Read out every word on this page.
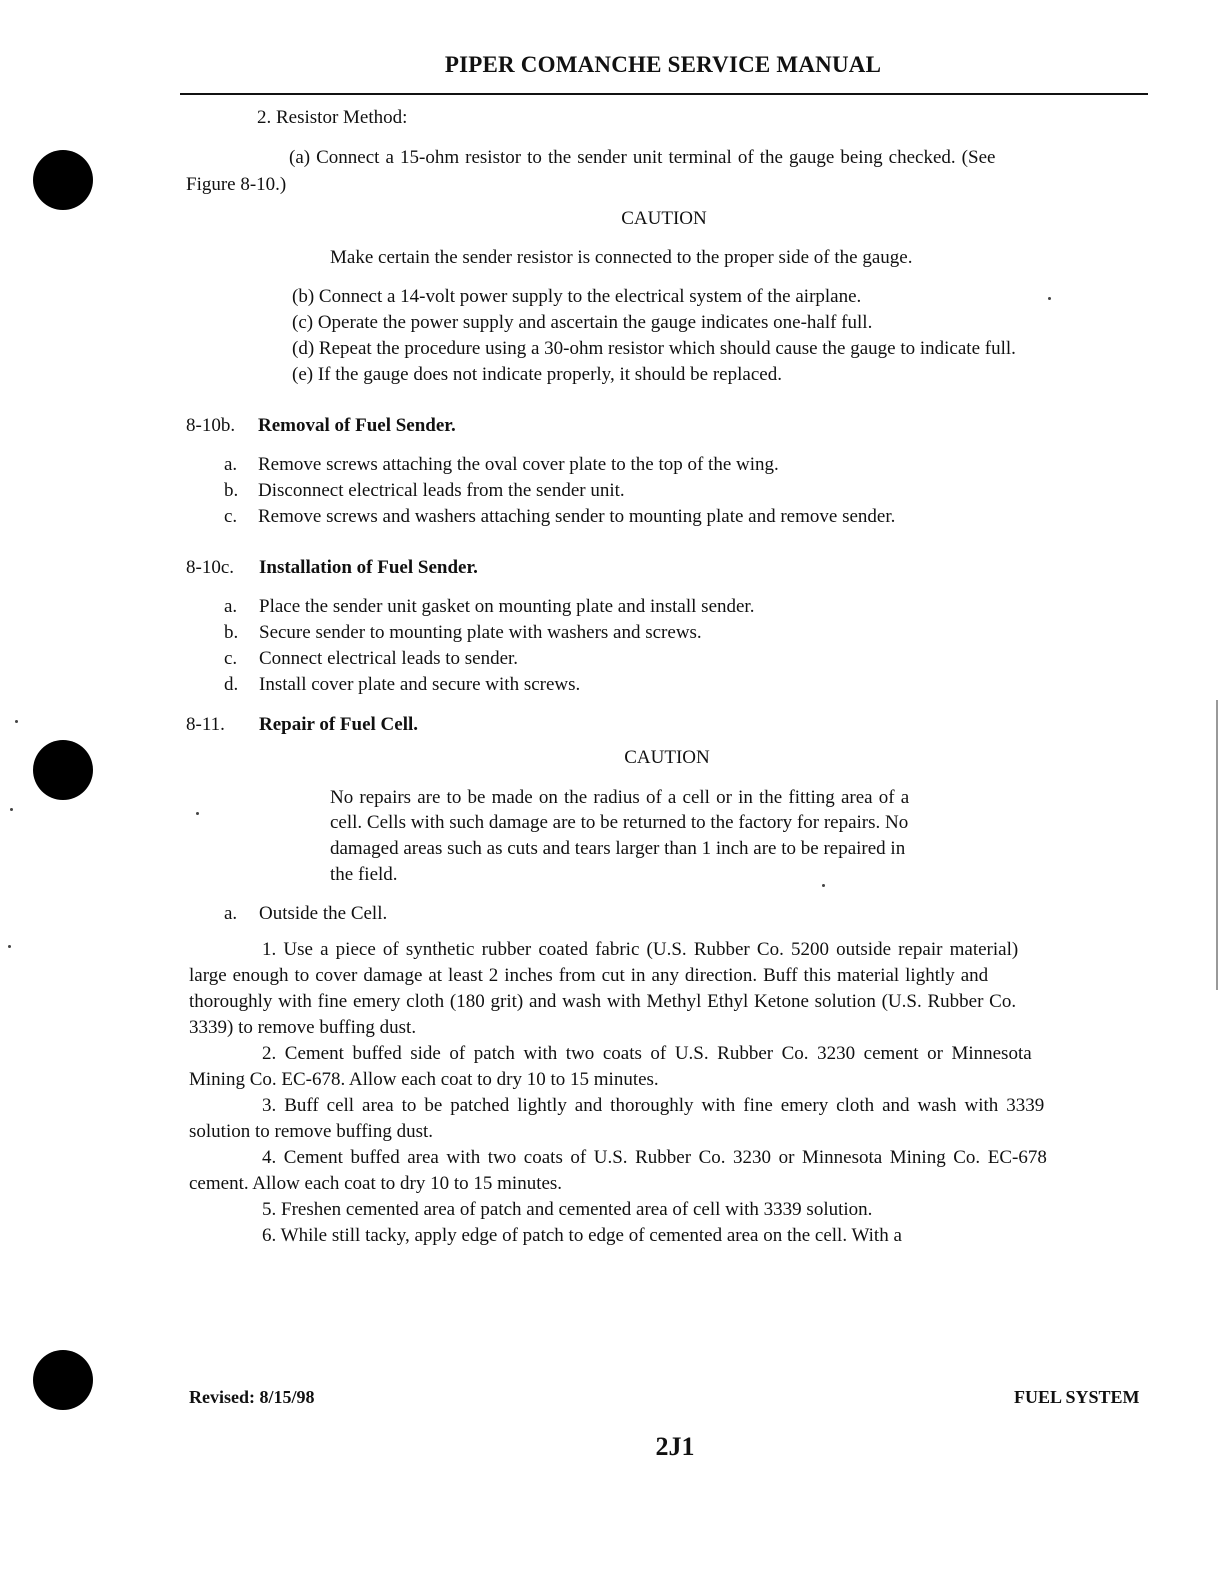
PIPER COMANCHE SERVICE MANUAL
2. Resistor Method:
(a) Connect a 15-ohm resistor to the sender unit terminal of the gauge being checked. (See
Figure 8-10.)
CAUTION
Make certain the sender resistor is connected to the proper side of the gauge.
(b) Connect a 14-volt power supply to the electrical system of the airplane.
(c) Operate the power supply and ascertain the gauge indicates one-half full.
(d) Repeat the procedure using a 30-ohm resistor which should cause the gauge to indicate full.
(e) If the gauge does not indicate properly, it should be replaced.
8-10b. Removal of Fuel Sender.
a. Remove screws attaching the oval cover plate to the top of the wing.
b. Disconnect electrical leads from the sender unit.
c. Remove screws and washers attaching sender to mounting plate and remove sender.
8-10c. Installation of Fuel Sender.
a. Place the sender unit gasket on mounting plate and install sender.
b. Secure sender to mounting plate with washers and screws.
c. Connect electrical leads to sender.
d. Install cover plate and secure with screws.
8-11. Repair of Fuel Cell.
CAUTION
No repairs are to be made on the radius of a cell or in the fitting area of a
cell. Cells with such damage are to be returned to the factory for repairs. No
damaged areas such as cuts and tears larger than 1 inch are to be repaired in
the field.
a. Outside the Cell.
1. Use a piece of synthetic rubber coated fabric (U.S. Rubber Co. 5200 outside repair material)
large enough to cover damage at least 2 inches from cut in any direction. Buff this material lightly and
thoroughly with fine emery cloth (180 grit) and wash with Methyl Ethyl Ketone solution (U.S. Rubber Co.
3339) to remove buffing dust.
2. Cement buffed side of patch with two coats of U.S. Rubber Co. 3230 cement or Minnesota
Mining Co. EC-678. Allow each coat to dry 10 to 15 minutes.
3. Buff cell area to be patched lightly and thoroughly with fine emery cloth and wash with 3339
solution to remove buffing dust.
4. Cement buffed area with two coats of U.S. Rubber Co. 3230 or Minnesota Mining Co. EC-678
cement. Allow each coat to dry 10 to 15 minutes.
5. Freshen cemented area of patch and cemented area of cell with 3339 solution.
6. While still tacky, apply edge of patch to edge of cemented area on the cell. With a
Revised: 8/15/98	FUEL SYSTEM
2J1
